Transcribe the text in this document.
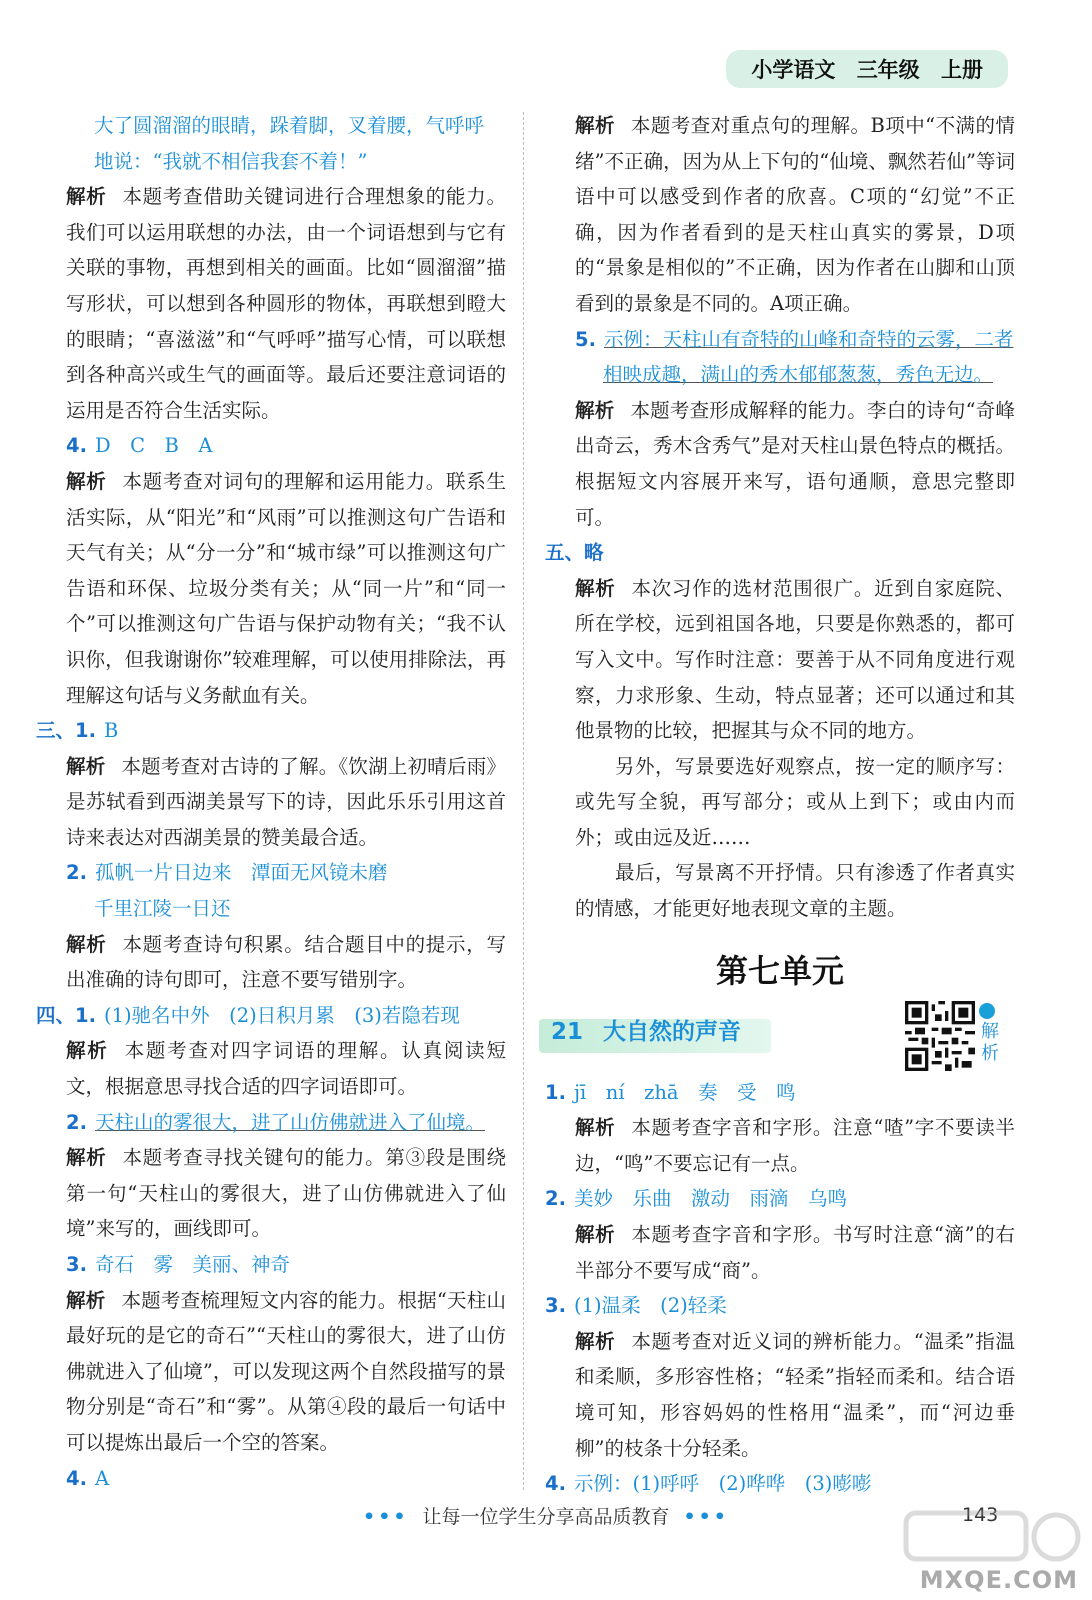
小学语文 三年级 上册

大了圆溜溜的眼睛，跺着脚，叉着腰，气呼呼

地说：“我就不相信我套不着！”

解析 本题考查借助关键词进行合理想象的能力。我们可以运用联想的办法，由一个词语想到与它有关联的事物，再想到相关的画面。比如“圆溜溜”描写形状，可以想到各种圆形的物体，再联想到瞪大的眼睛；“喜滋滋”和“气呼呼”描写心情，可以联想到各种高兴或生气的画面等。最后还要注意词语的运用是否符合生活实际。

4. D　C　B　A

解析 本题考查对词句的理解和运用能力。联系生活实际，从“阳光”和“风雨”可以推测这句广告语和天气有关；从“分一分”和“城市绿”可以推测这句广告语和环保、垃圾分类有关；从“同一片”和“同一个”可以推测这句广告语与保护动物有关；“我不认识你，但我谢谢你”较难理解，可以使用排除法，再理解这句话与义务献血有关。

三、1. B

解析 本题考查对古诗的了解。《饮湖上初晴后雨》是苏轼看到西湖美景写下的诗，因此乐乐引用这首诗来表达对西湖美景的赞美最合适。

2. 孤帆一片日边来　潭面无风镜未磨

千里江陵一日还

解析 本题考查诗句积累。结合题目中的提示，写出准确的诗句即可，注意不要写错别字。

四、1. (1)驰名中外　(2)日积月累　(3)若隐若现

解析 本题考查对四字词语的理解。认真阅读短文，根据意思寻找合适的四字词语即可。

2. 天柱山的雾很大，进了山仿佛就进入了仙境。

解析 本题考查寻找关键句的能力。第③段是围绕第一句“天柱山的雾很大，进了山仿佛就进入了仙境”来写的，画线即可。

3. 奇石　雾　美丽、神奇

解析 本题考查梳理短文内容的能力。根据“天柱山最好玩的是它的奇石”“天柱山的雾很大，进了山仿佛就进入了仙境”，可以发现这两个自然段描写的景物分别是“奇石”和“雾”。从第④段的最后一句话中可以提炼出最后一个空的答案。

4. A

解析 本题考查对重点句的理解。B项中“不满的情绪”不正确，因为从上下句的“仙境、飘然若仙”等词语中可以感受到作者的欣喜。C项的“幻觉”不正确，因为作者看到的是天柱山真实的雾景，D项的“景象是相似的”不正确，因为作者在山脚和山顶看到的景象是不同的。A项正确。

5. 示例：天柱山有奇特的山峰和奇特的云雾，二者

相映成趣，满山的秀木郁郁葱葱，秀色无边。

解析 本题考查形成解释的能力。李白的诗句“奇峰出奇云，秀木含秀气”是对天柱山景色特点的概括。根据短文内容展开来写，语句通顺，意思完整即可。

五、略

解析 本次习作的选材范围很广。近到自家庭院、所在学校，远到祖国各地，只要是你熟悉的，都可写入文中。写作时注意：要善于从不同角度进行观察，力求形象、生动，特点显著；还可以通过和其他景物的比较，把握其与众不同的地方。

另外，写景要选好观察点，按一定的顺序写：或先写全貌，再写部分；或从上到下；或由内而外；或由远及近……

最后，写景离不开抒情。只有渗透了作者真实的情感，才能更好地表现文章的主题。

第七单元
21 大自然的声音	解析

1. jī　ní　zhā　奏　受　鸣

解析 本题考查字音和字形。注意“喳”字不要读半边，“鸣”不要忘记有一点。

2. 美妙　乐曲　激动　雨滴　乌鸣

解析 本题考查字音和字形。书写时注意“滴”的右半部分不要写成“商”。

3. (1)温柔　(2)轻柔

解析 本题考查对近义词的辨析能力。“温柔”指温和柔顺，多形容性格；“轻柔”指轻而柔和。结合语境可知，形容妈妈的性格用“温柔”，而“河边垂柳”的枝条十分轻柔。

4. 示例：(1)呼呼　(2)哗哗　(3)嘭嘭

••• 让每一位学生分享高品质教育 •••	143
MXQE.COM
